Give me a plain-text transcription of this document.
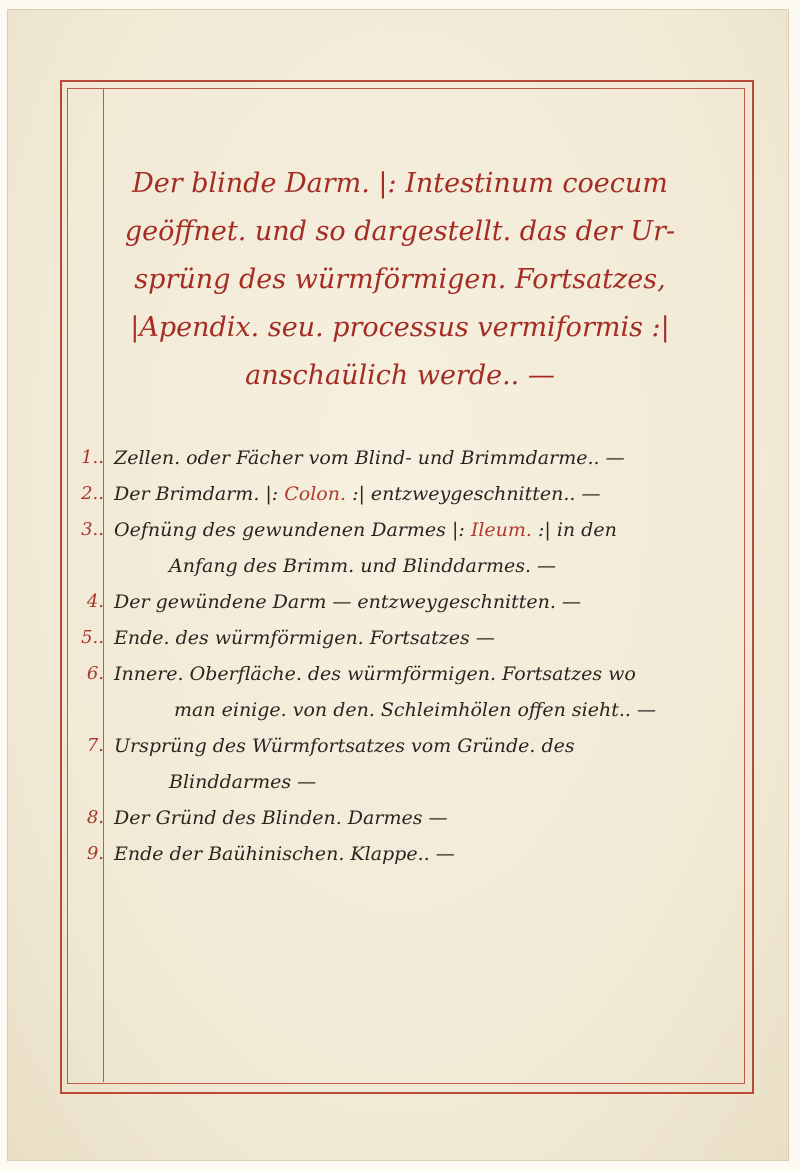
Der blinde Darm. |: Intestinum coecum
geöffnet. und so dargestellt. das der Ur-
sprüng des würmförmigen. Fortsatzes,
|Apendix. seu. processus vermiformis :|
anschaülich werde.. —
1.. Zellen. oder Fächer vom Blind- und Brimmdarme.. —
2.. Der Brimdarm. |: Colon. :| entzweygeschnitten.. —
3.. Oefnüng des gewundenen Darmes |: Ileum. :| in den
Anfang des Brimm. und Blinddarmes. —
4. Der gewündene Darm — entzweygeschnitten. —
5.. Ende. des würmförmigen. Fortsatzes —
6. Innere. Oberfläche. des würmförmigen. Fortsatzes wo
man einige. von den. Schleimhölen offen sieht.. —
7. Ursprüng des Würmfortsatzes vom Gründe. des
Blinddarmes —
8. Der Gründ des Blinden. Darmes —
9. Ende der Baühinischen. Klappe.. —
